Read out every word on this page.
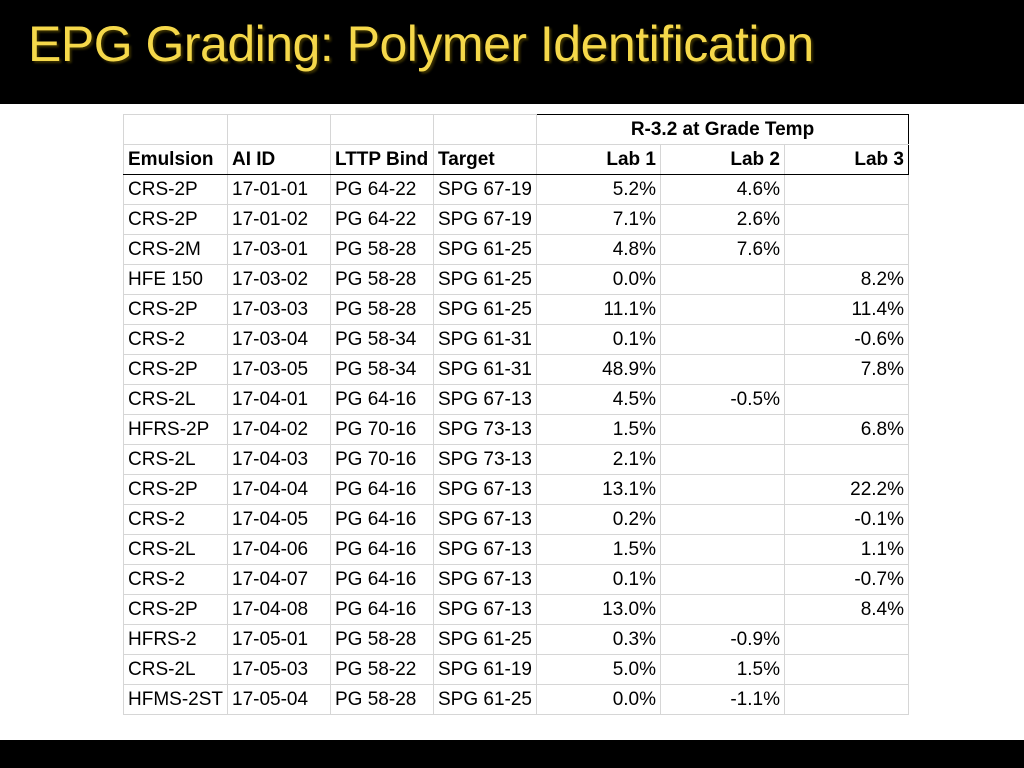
EPG Grading: Polymer Identification
				R-3.2 at Grade Temp		
Emulsion	AI ID	LTTP Bind	Target	Lab 1	Lab 2	Lab 3
CRS-2P	17-01-01	PG 64-22	SPG 67-19	5.2%	4.6%	
CRS-2P	17-01-02	PG 64-22	SPG 67-19	7.1%	2.6%	
CRS-2M	17-03-01	PG 58-28	SPG 61-25	4.8%	7.6%	
HFE 150	17-03-02	PG 58-28	SPG 61-25	0.0%		8.2%
CRS-2P	17-03-03	PG 58-28	SPG 61-25	11.1%		11.4%
CRS-2	17-03-04	PG 58-34	SPG 61-31	0.1%		-0.6%
CRS-2P	17-03-05	PG 58-34	SPG 61-31	48.9%		7.8%
CRS-2L	17-04-01	PG 64-16	SPG 67-13	4.5%	-0.5%	
HFRS-2P	17-04-02	PG 70-16	SPG 73-13	1.5%		6.8%
CRS-2L	17-04-03	PG 70-16	SPG 73-13	2.1%		
CRS-2P	17-04-04	PG 64-16	SPG 67-13	13.1%		22.2%
CRS-2	17-04-05	PG 64-16	SPG 67-13	0.2%		-0.1%
CRS-2L	17-04-06	PG 64-16	SPG 67-13	1.5%		1.1%
CRS-2	17-04-07	PG 64-16	SPG 67-13	0.1%		-0.7%
CRS-2P	17-04-08	PG 64-16	SPG 67-13	13.0%		8.4%
HFRS-2	17-05-01	PG 58-28	SPG 61-25	0.3%	-0.9%	
CRS-2L	17-05-03	PG 58-22	SPG 61-19	5.0%	1.5%	
HFMS-2ST	17-05-04	PG 58-28	SPG 61-25	0.0%	-1.1%	
